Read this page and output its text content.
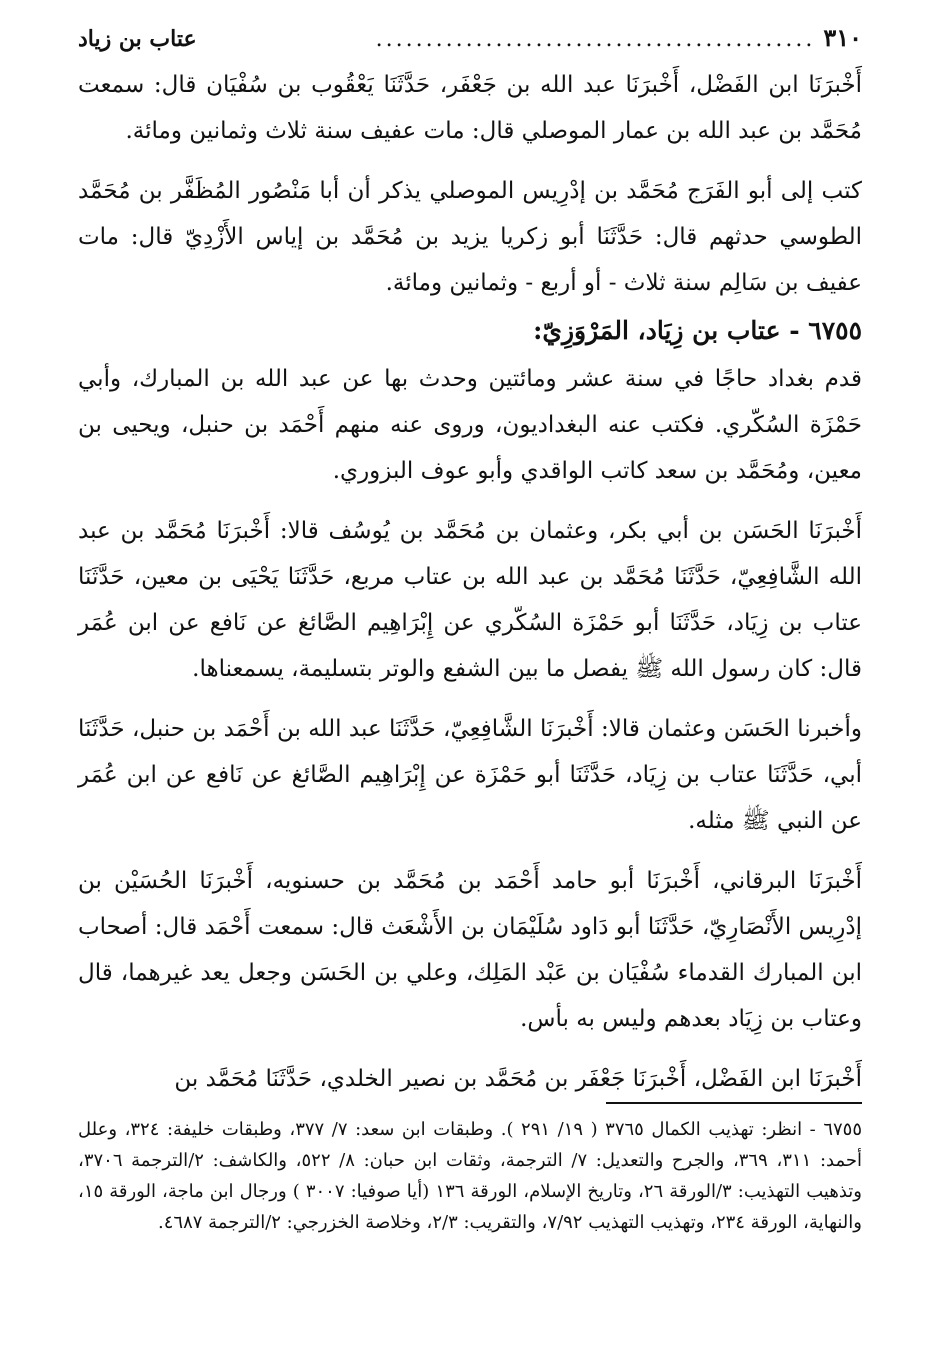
٣١٠
............................................
عتاب بن زياد

أَخْبرَنَا ابن الفَضْل، أَخْبرَنَا عبد الله بن جَعْفَر، حَدَّثَنَا يَعْقُوب بن سُفْيَان قال: سمعت مُحَمَّد بن عبد الله بن عمار الموصلي قال: مات عفيف سنة ثلاث وثمانين ومائة.

كتب إلى أبو الفَرَج مُحَمَّد بن إدْرِيس الموصلي يذكر أن أبا مَنْصُور المُظَفَّر بن مُحَمَّد الطوسي حدثهم قال: حَدَّثَنَا أبو زكريا يزيد بن مُحَمَّد بن إياس الأَزْدِيّ قال: مات عفيف بن سَالِم سنة ثلاث - أو أربع - وثمانين ومائة.

٦٧٥٥ - عتاب بن زِيَاد، المَرْوَزِيّ:

قدم بغداد حاجًا في سنة عشر ومائتين وحدث بها عن عبد الله بن المبارك، وأبي حَمْزَة السُكّري. فكتب عنه البغداديون، وروى عنه منهم أَحْمَد بن حنبل، ويحيى بن معين، ومُحَمَّد بن سعد كاتب الواقدي وأبو عوف البزوري.

أَخْبرَنَا الحَسَن بن أبي بكر، وعثمان بن مُحَمَّد بن يُوسُف قالا: أَخْبرَنَا مُحَمَّد بن عبد الله الشَّافِعِيّ، حَدَّثَنَا مُحَمَّد بن عبد الله بن عتاب مربع، حَدَّثَنَا يَحْيَى بن معين، حَدَّثَنَا عتاب بن زِيَاد، حَدَّثَنَا أبو حَمْزَة السُكّري عن إِبْرَاهِيم الصَّائغ عن نَافع عن ابن عُمَر قال: كان رسول الله ﷺ يفصل ما بين الشفع والوتر بتسليمة، يسمعناها.

وأخبرنا الحَسَن وعثمان قالا: أَخْبرَنَا الشَّافِعِيّ، حَدَّثَنَا عبد الله بن أَحْمَد بن حنبل، حَدَّثَنَا أبي، حَدَّثَنَا عتاب بن زِيَاد، حَدَّثَنَا أبو حَمْزَة عن إِبْرَاهِيم الصَّائغ عن نَافع عن ابن عُمَر عن النبي ﷺ مثله.

أَخْبرَنَا البرقاني، أَخْبرَنَا أبو حامد أَحْمَد بن مُحَمَّد بن حسنويه، أَخْبرَنَا الحُسَيْن بن إدْرِيس الأَنْصَارِيّ، حَدَّثَنَا أبو دَاود سُلَيْمَان بن الأَشْعَث قال: سمعت أَحْمَد قال: أصحاب ابن المبارك القدماء سُفْيَان بن عَبْد المَلِك، وعلي بن الحَسَن وجعل يعد غيرهما، قال وعتاب بن زِيَاد بعدهم وليس به بأس.

أَخْبرَنَا ابن الفَضْل، أَخْبرَنَا جَعْفَر بن مُحَمَّد بن نصير الخلدي، حَدَّثَنَا مُحَمَّد بن

٦٧٥٥ - انظر: تهذيب الكمال ٣٧٦٥ ( ١٩/ ٢٩١ ). وطبقات ابن سعد: ٧/ ٣٧٧، وطبقات خليفة: ٣٢٤، وعلل أحمد: ٣١١، ٣٦٩، والجرح والتعديل: ٧/ الترجمة، وثقات ابن حبان: ٨/ ٥٢٢، والكاشف: ٢/الترجمة ٣٧٠٦، وتذهيب التهذيب: ٣/الورقة ٢٦، وتاريخ الإسلام، الورقة ١٣٦ (أيا صوفيا: ٣٠٠٧ ) ورجال ابن ماجة، الورقة ١٥، والنهاية، الورقة ٢٣٤، وتهذيب التهذيب ٧/٩٢، والتقريب: ٢/٣، وخلاصة الخزرجي: ٢/الترجمة ٤٦٨٧.
